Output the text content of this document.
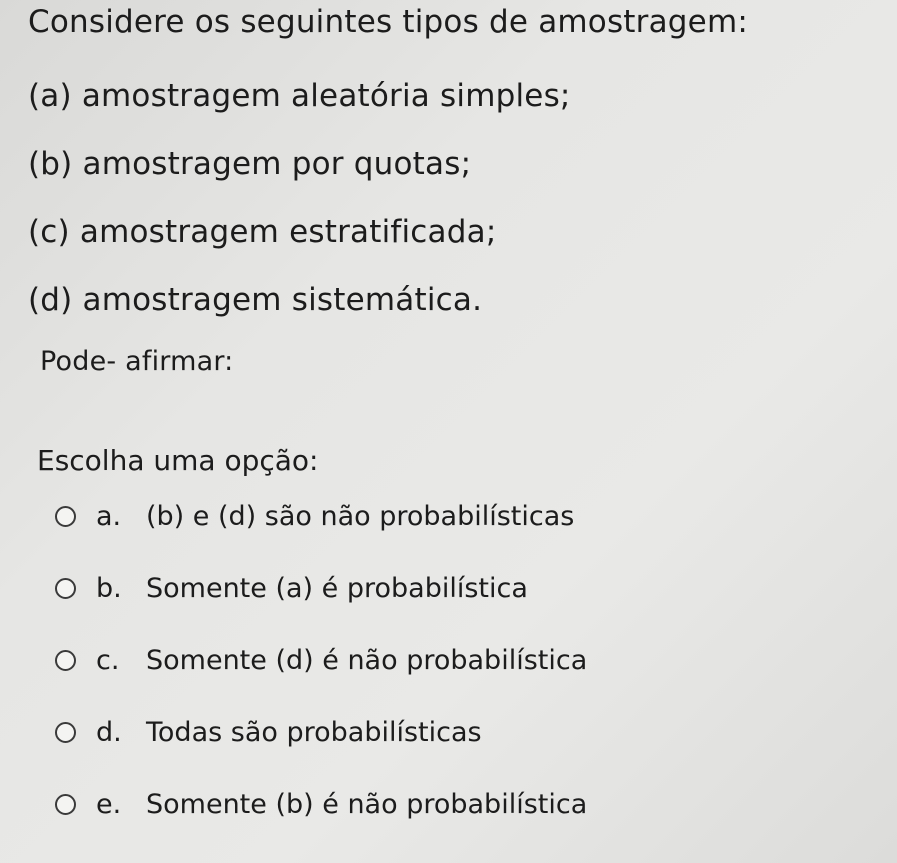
Considere os seguintes tipos de amostragem:
(a) amostragem aleatória simples;
(b) amostragem por quotas;
(c) amostragem estratificada;
(d) amostragem sistemática.
Pode- afirmar:
Escolha uma opção:
a. (b) e (d) são não probabilísticas
b. Somente (a) é probabilística
c. Somente (d) é não probabilística
d. Todas são probabilísticas
e. Somente (b) é não probabilística
